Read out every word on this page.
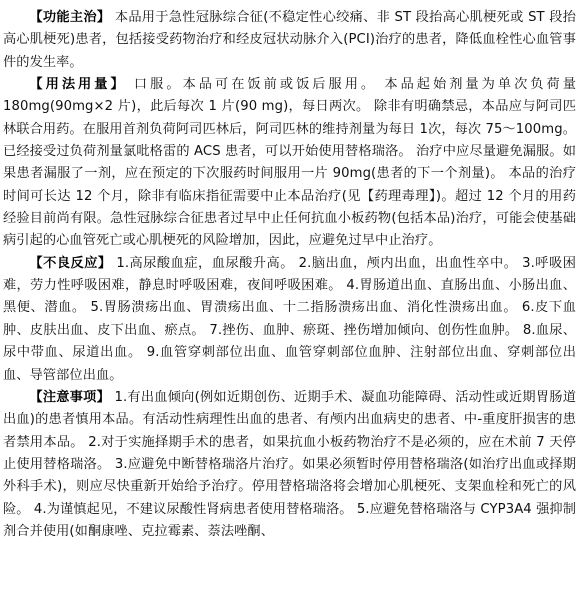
【功能主治】 本品用于急性冠脉综合征(不稳定性心绞痛、非 ST 段抬高心肌梗死或 ST 段抬高心肌梗死)患者，包括接受药物治疗和经皮冠状动脉介入(PCI)治疗的患者，降低血栓性心血管事件的发生率。

【用法用量】 口服。本品可在饭前或饭后服用。 本品起始剂量为单次负荷量 180mg(90mg×2 片)，此后每次 1 片(90 mg)，每日两次。 除非有明确禁忌，本品应与阿司匹林联合用药。在服用首剂负荷阿司匹林后，阿司匹林的维持剂量为每日 1次，每次 75～100mg。 已经接受过负荷剂量氯吡格雷的 ACS 患者，可以开始使用替格瑞洛。 治疗中应尽量避免漏服。如果患者漏服了一剂，应在预定的下次服药时间服用一片 90mg(患者的下一个剂量)。 本品的治疗时间可长达 12 个月，除非有临床指征需要中止本品治疗(见【药理毒理】)。超过 12 个月的用药经验目前尚有限。急性冠脉综合征患者过早中止任何抗血小板药物(包括本品)治疗，可能会使基础病引起的心血管死亡或心肌梗死的风险增加，因此，应避免过早中止治疗。

【不良反应】 1.高尿酸血症，血尿酸升高。 2.脑出血，颅内出血，出血性卒中。 3.呼吸困难，劳力性呼吸困难，静息时呼吸困难，夜间呼吸困难。 4.胃肠道出血、直肠出血、小肠出血、黑便、潜血。 5.胃肠溃疡出血、胃溃疡出血、十二指肠溃疡出血、消化性溃疡出血。 6.皮下血肿、皮肤出血、皮下出血、瘀点。 7.挫伤、血肿、瘀斑、挫伤增加倾向、创伤性血肿。 8.血尿、尿中带血、尿道出血。 9.血管穿刺部位出血、血管穿刺部位血肿、注射部位出血、穿刺部位出血、导管部位出血。

【注意事项】 1.有出血倾向(例如近期创伤、近期手术、凝血功能障碍、活动性或近期胃肠道出血)的患者慎用本品。有活动性病理性出血的患者、有颅内出血病史的患者、中-重度肝损害的患者禁用本品。 2.对于实施择期手术的患者，如果抗血小板药物治疗不是必须的，应在术前 7 天停止使用替格瑞洛。 3.应避免中断替格瑞洛片治疗。如果必须暂时停用替格瑞洛(如治疗出血或择期外科手术)，则应尽快重新开始给予治疗。停用替格瑞洛将会增加心肌梗死、支架血栓和死亡的风险。 4.为谨慎起见，不建议尿酸性肾病患者使用替格瑞洛。 5.应避免替格瑞洛与 CYP3A4 强抑制剂合并使用(如酮康唑、克拉霉素、萘法唑酮、
